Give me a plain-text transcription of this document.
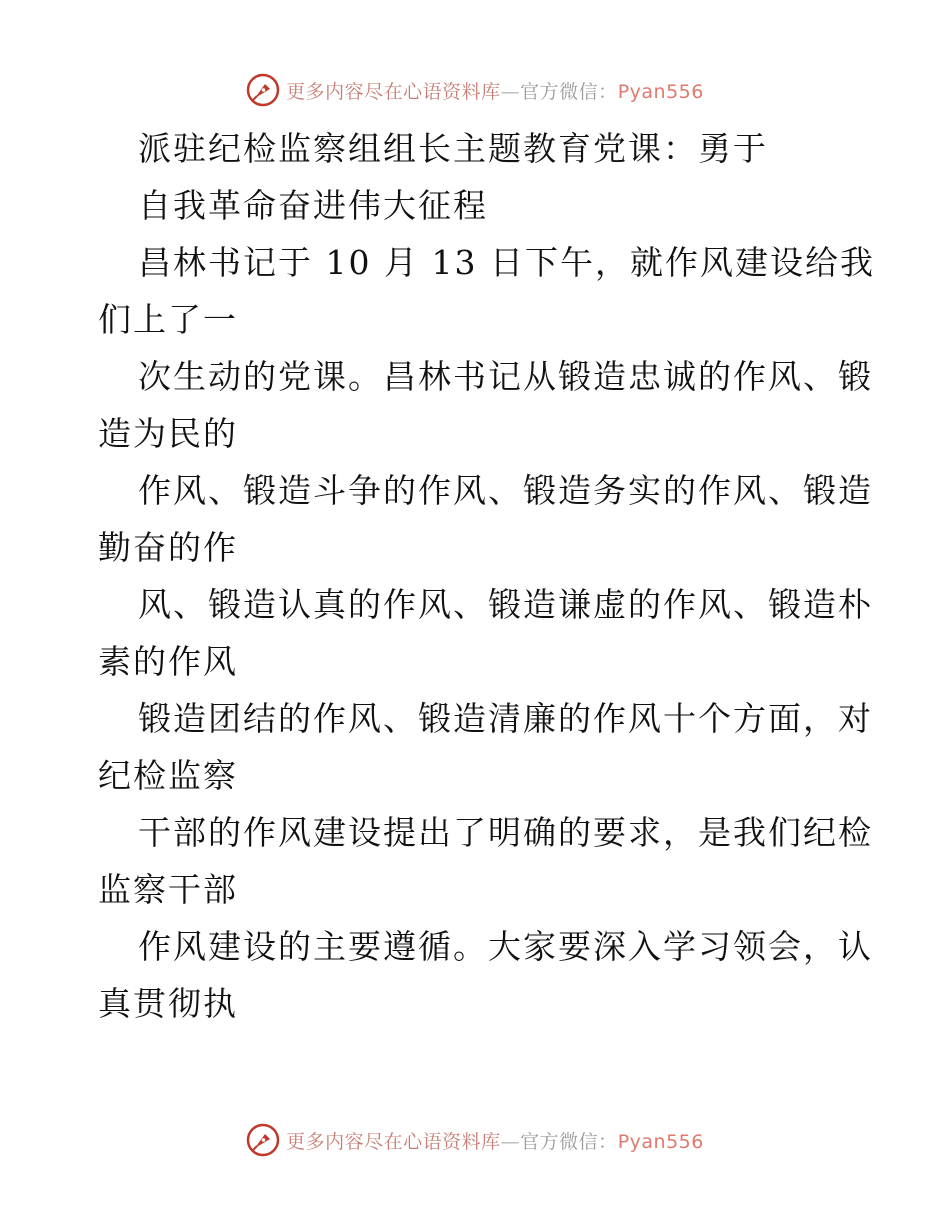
更多内容尽在心语资料库—官方微信：Pyan556
派驻纪检监察组组长主题教育党课：勇于
自我革命奋进伟大征程
昌林书记于 10 月 13 日下午，就作风建设给我
们上了一
次生动的党课。昌林书记从锻造忠诚的作风、锻
造为民的
作风、锻造斗争的作风、锻造务实的作风、锻造
勤奋的作
风、锻造认真的作风、锻造谦虚的作风、锻造朴
素的作风
锻造团结的作风、锻造清廉的作风十个方面，对
纪检监察
干部的作风建设提出了明确的要求，是我们纪检
监察干部
作风建设的主要遵循。大家要深入学习领会，认
真贯彻执
更多内容尽在心语资料库—官方微信：Pyan556
